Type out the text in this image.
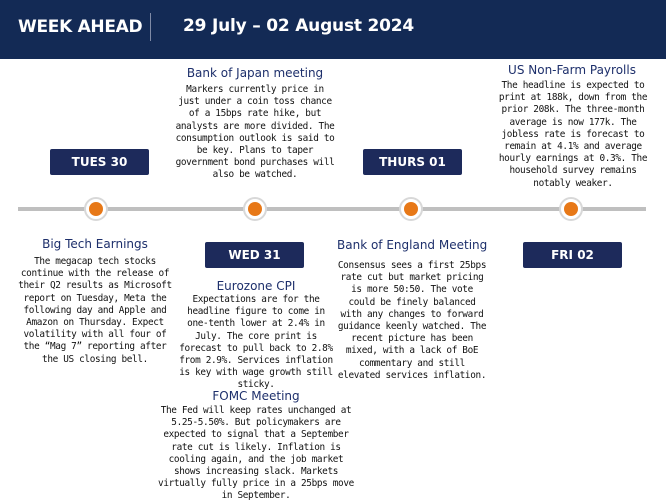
WEEK AHEAD 29 July – 02 August 2024
Bank of Japan meeting
Markers currently price in just under a coin toss chance of a 15bps rate hike, but analysts are more divided. The consumption outlook is said to be key. Plans to taper government bond purchases will also be watched.
US Non-Farm Payrolls
The headline is expected to print at 188k, down from the prior 208k. The three-month average is now 177k. The jobless rate is forecast to remain at 4.1% and average hourly earnings at 0.3%. The household survey remains notably weaker.
TUES 30	THURS 01
WED 31	FRI 02
Big Tech Earnings
The megacap tech stocks continue with the release of their Q2 results as Microsoft report on Tuesday, Meta the following day and Apple and Amazon on Thursday. Expect volatility with all four of the “Mag 7” reporting after the US closing bell.
Eurozone CPI
Expectations are for the headline figure to come in one-tenth lower at 2.4% in July. The core print is forecast to pull back to 2.8% from 2.9%. Services inflation is key with wage growth still sticky.
FOMC Meeting
The Fed will keep rates unchanged at 5.25-5.50%. But policymakers are expected to signal that a September rate cut is likely. Inflation is cooling again, and the job market shows increasing slack. Markets virtually fully price in a 25bps move in September.
Bank of England Meeting
Consensus sees a first 25bps rate cut but market pricing is more 50:50. The vote could be finely balanced with any changes to forward guidance keenly watched. The recent picture has been mixed, with a lack of BoE commentary and still elevated services inflation.
